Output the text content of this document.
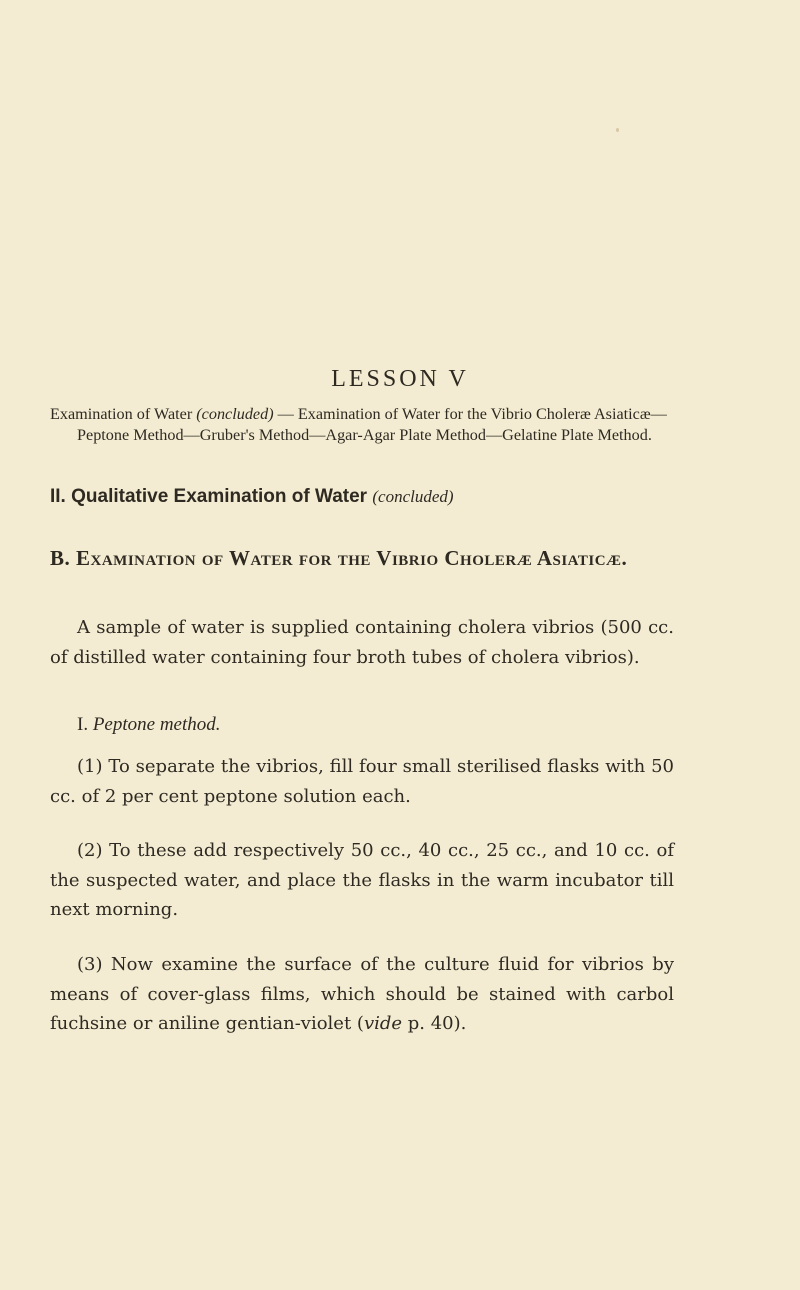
LESSON V

Examination of Water (concluded) — Examination of Water for the Vibrio Choleræ Asiaticæ—Peptone Method—Gruber's Method—Agar-Agar Plate Method—Gelatine Plate Method.

II. Qualitative Examination of Water (concluded)
B. Examination of Water for the Vibrio Choleræ Asiaticæ.

A sample of water is supplied containing cholera vibrios (500 cc. of distilled water containing four broth tubes of cholera vibrios).

I. Peptone method.

(1) To separate the vibrios, fill four small sterilised flasks with 50 cc. of 2 per cent peptone solution each.

(2) To these add respectively 50 cc., 40 cc., 25 cc., and 10 cc. of the suspected water, and place the flasks in the warm incubator till next morning.

(3) Now examine the surface of the culture fluid for vibrios by means of cover-glass films, which should be stained with carbol fuchsine or aniline gentian-violet (vide p. 40).
